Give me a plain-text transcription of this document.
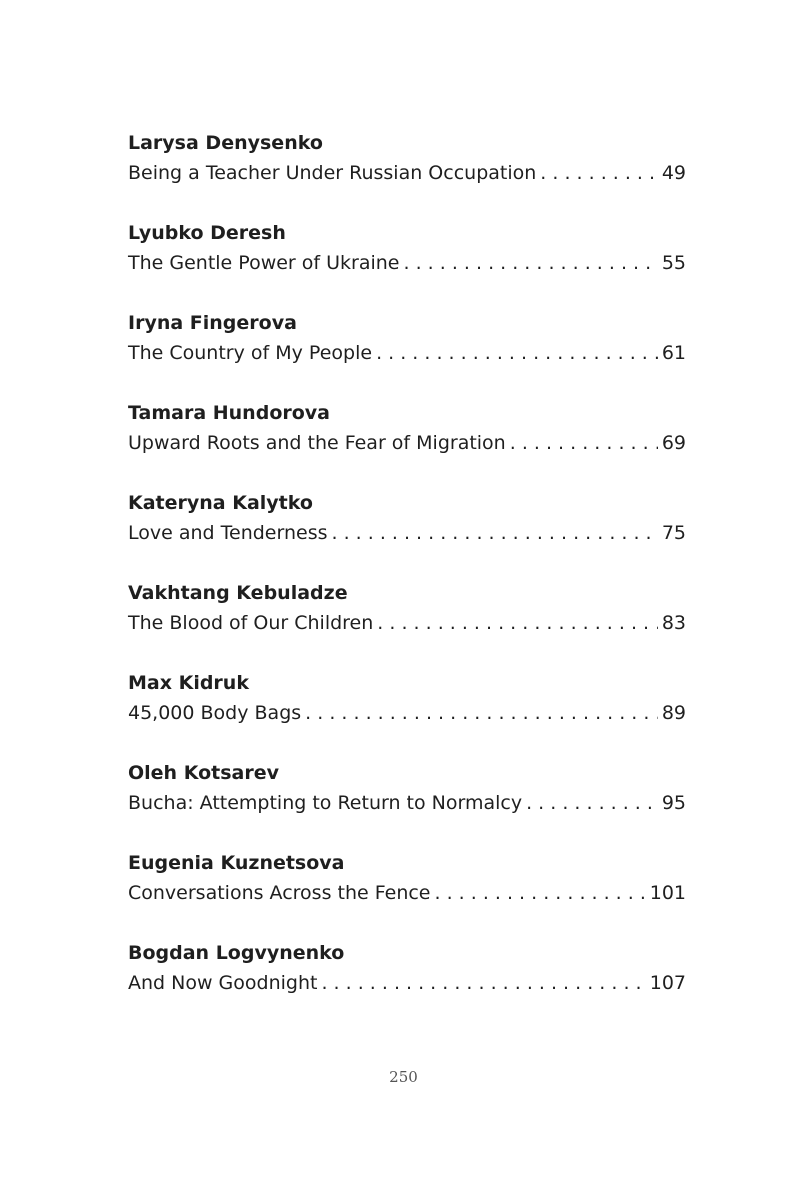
Larysa Denysenko
Being a Teacher Under Russian Occupation . . .	49
Lyubko Deresh
The Gentle Power of Ukraine . . .	55
Iryna Fingerova
The Country of My People . . .	61
Tamara Hundorova
Upward Roots and the Fear of Migration . . .	69
Kateryna Kalytko
Love and Tenderness . . .	75
Vakhtang Kebuladze
The Blood of Our Children . . .	83
Max Kidruk
45,000 Body Bags . . .	89
Oleh Kotsarev
Bucha: Attempting to Return to Normalcy . . .	95
Eugenia Kuznetsova
Conversations Across the Fence . . .	101
Bogdan Logvynenko
And Now Goodnight . . .	107
250
